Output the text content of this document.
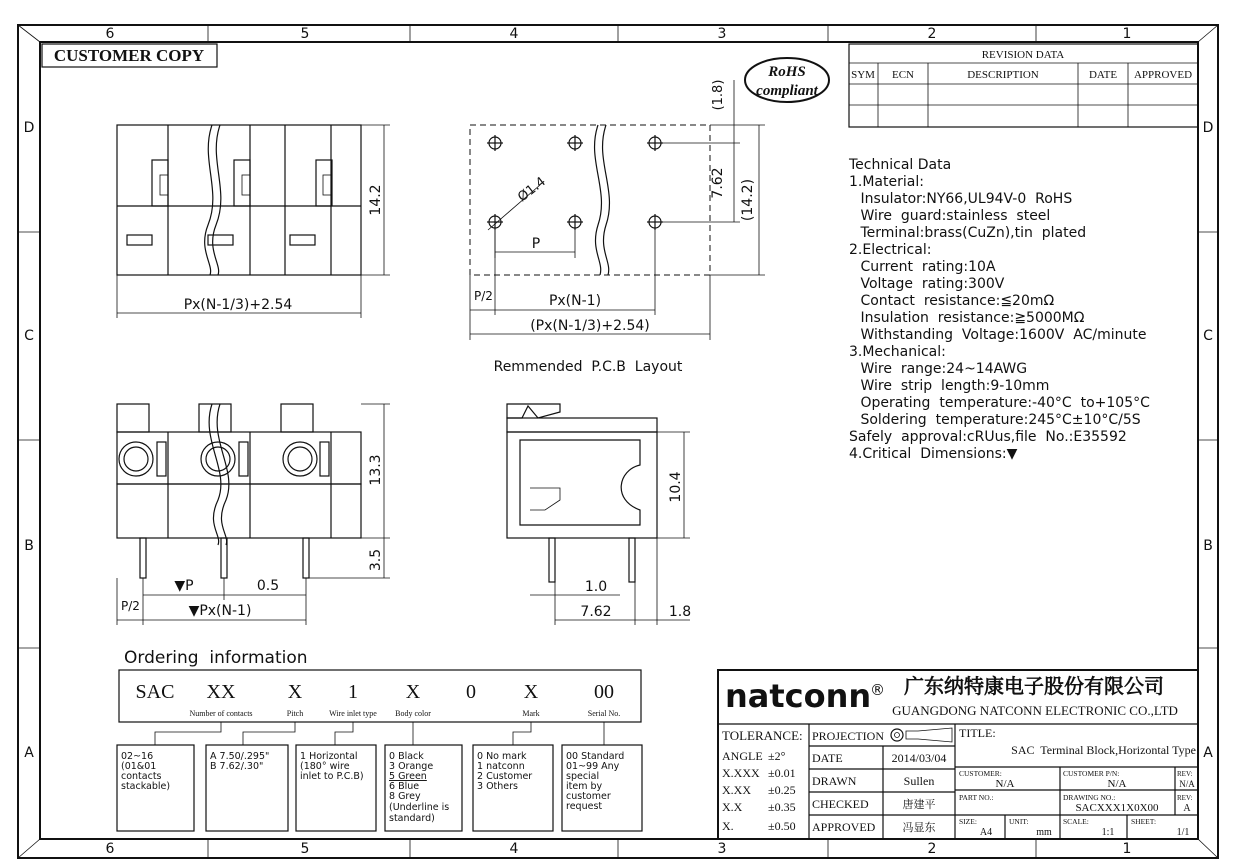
6	5	4	3	2	1
6	5	4	3	2	1
D
C
B
A
D
C
B
A
CUSTOMER COPY
RoHS
compliant
REVISION DATA
SYM ECN	DESCRIPTION	DATE APPROVED
Technical Data
1.Material:
Insulator:NY66,UL94V-0  RoHS
Wire  guard:stainless  steel
Terminal:brass(CuZn),tin  plated
2.Electrical:
Current  rating:10A
Voltage  rating:300V
Contact  resistance:≦20mΩ
Insulation  resistance:≧5000MΩ
Withstanding  Voltage:1600V  AC/minute
3.Mechanical:
Wire  range:24~14AWG
Wire  strip  length:9-10mm
Operating  temperature:-40°C  to+105°C
Soldering  temperature:245°C±10°C/5S
Safely  approval:cRUus,file  No.:E35592
4.Critical  Dimensions:▼
14.2
Px(N-1/3)+2.54
Ø1.4
P
(1.8)
7.62 (14.2)
P/2	Px(N-1)
(Px(N-1/3)+2.54)
Remmended  P.C.B  Layout
13.3
3.5
▼P	0.5
P/2	▼Px(N-1)
10.4
1.0
7.62	1.8
Ordering  information
SAC XX	X 1 X 0 X	00
Number of contacts	Pitch	Wire inlet type Body color	Mark	Serial No.
02~16
(01&01
contacts
stackable)
A 7.50/.295"
B 7.62/.30"
1 Horizontal
(180° wire
inlet to P.C.B)
0 Black
3 Orange
5 Green
6 Blue
8 Grey
(Underline is
standard)
0 No mark
1 natconn
2 Customer
3 Others
00 Standard
01~99 Any
special
item by
customer
request
natconn
® 广东纳特康电子股份有限公司
GUANGDONG NATCONN ELECTRONIC CO.,LTD
TOLERANCE:
ANGLE ±2°
X.XXX ±0.01
X.XX ±0.25
X.X ±0.35
X.	±0.50
PROJECTION
DATE	2014/03/04
DRAWN	Sullen
CHECKED	唐建平
APPROVED 冯显东
TITLE:
SAC  Terminal Block,Horizontal Type
CUSTOMER:
N/A
CUSTOMER P/N:
N/A
REV:
N/A
PART NO.:	DRAWING NO.:
SACXXX1X0X00
REV:
A
SIZE:
A4
UNIT:
mm
SCALE:
1:1
SHEET:
1/1
